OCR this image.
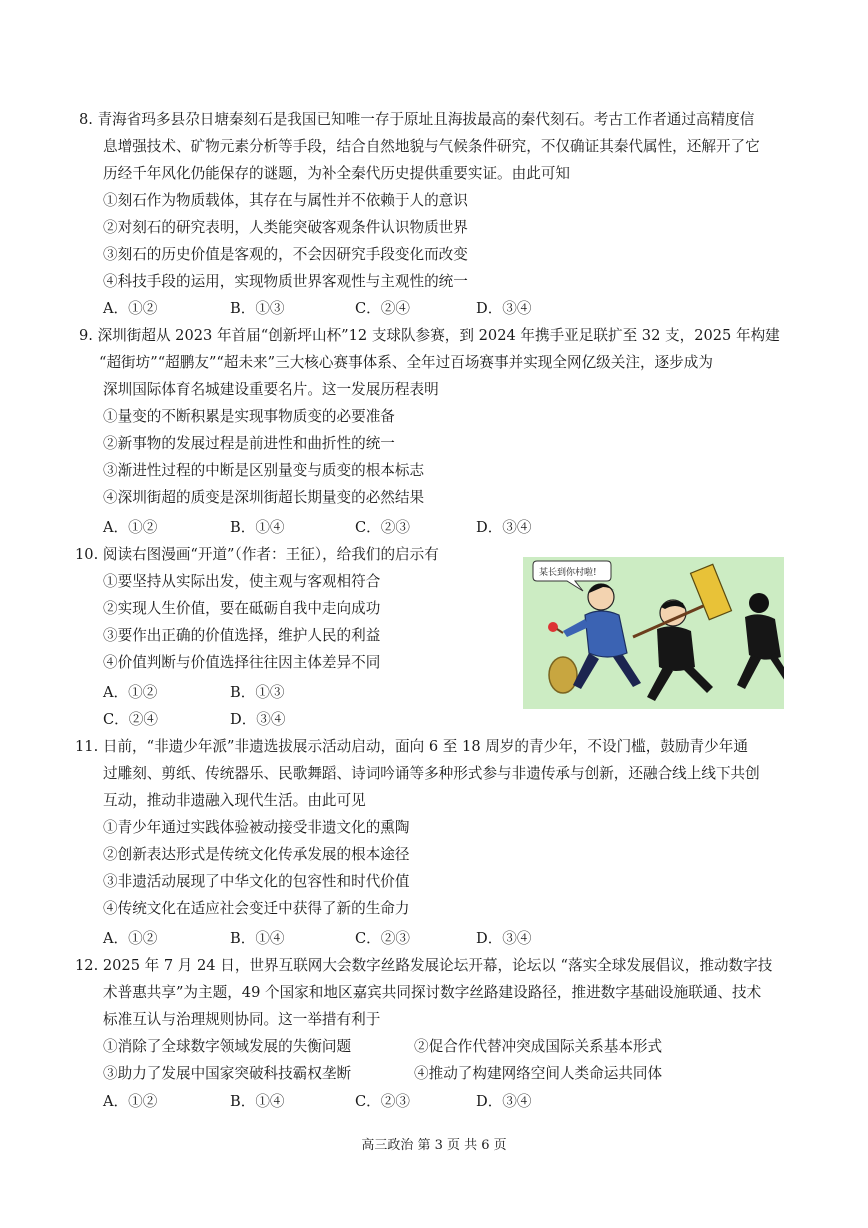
8. 青海省玛多县尕日塘秦刻石是我国已知唯一存于原址且海拔最高的秦代刻石。考古工作者通过高精度信
息增强技术、矿物元素分析等手段，结合自然地貌与气候条件研究，不仅确证其秦代属性，还解开了它
历经千年风化仍能保存的谜题，为补全秦代历史提供重要实证。由此可知
①刻石作为物质载体，其存在与属性并不依赖于人的意识
②对刻石的研究表明，人类能突破客观条件认识物质世界
③刻石的历史价值是客观的，不会因研究手段变化而改变
④科技手段的运用，实现物质世界客观性与主观性的统一
A．①②	B．①③	C．②④	D．③④
9. 深圳街超从 2023 年首届“创新坪山杯”12 支球队参赛，到 2024 年携手亚足联扩至 32 支，2025 年构建
“超街坊”“超鹏友”“超未来”三大核心赛事体系、全年过百场赛事并实现全网亿级关注，逐步成为
深圳国际体育名城建设重要名片。这一发展历程表明
①量变的不断积累是实现事物质变的必要准备
②新事物的发展过程是前进性和曲折性的统一
③渐进性过程的中断是区别量变与质变的根本标志
④深圳街超的质变是深圳街超长期量变的必然结果
A．①②	B．①④	C．②③	D．③④
10. 阅读右图漫画“开道”（作者：王征），给我们的启示有
①要坚持从实际出发，使主观与客观相符合
②实现人生价值，要在砥砺自我中走向成功
③要作出正确的价值选择，维护人民的利益
④价值判断与价值选择往往因主体差异不同
A．①②	B．①③
C．②④	D．③④
某长到你村啦!
11. 日前，“非遗少年派”非遗选拔展示活动启动，面向 6 至 18 周岁的青少年，不设门槛，鼓励青少年通
过雕刻、剪纸、传统器乐、民歌舞蹈、诗词吟诵等多种形式参与非遗传承与创新，还融合线上线下共创
互动，推动非遗融入现代生活。由此可见
①青少年通过实践体验被动接受非遗文化的熏陶
②创新表达形式是传统文化传承发展的根本途径
③非遗活动展现了中华文化的包容性和时代价值
④传统文化在适应社会变迁中获得了新的生命力
A．①②	B．①④	C．②③	D．③④
12. 2025 年 7 月 24 日，世界互联网大会数字丝路发展论坛开幕，论坛以 “落实全球发展倡议，推动数字技
术普惠共享”为主题，49 个国家和地区嘉宾共同探讨数字丝路建设路径，推进数字基础设施联通、技术
标准互认与治理规则协同。这一举措有利于
①消除了全球数字领域发展的失衡问题	②促合作代替冲突成国际关系基本形式
③助力了发展中国家突破科技霸权垄断	④推动了构建网络空间人类命运共同体
A．①②	B．①④	C．②③	D．③④
高三政治 第 3 页 共 6 页
